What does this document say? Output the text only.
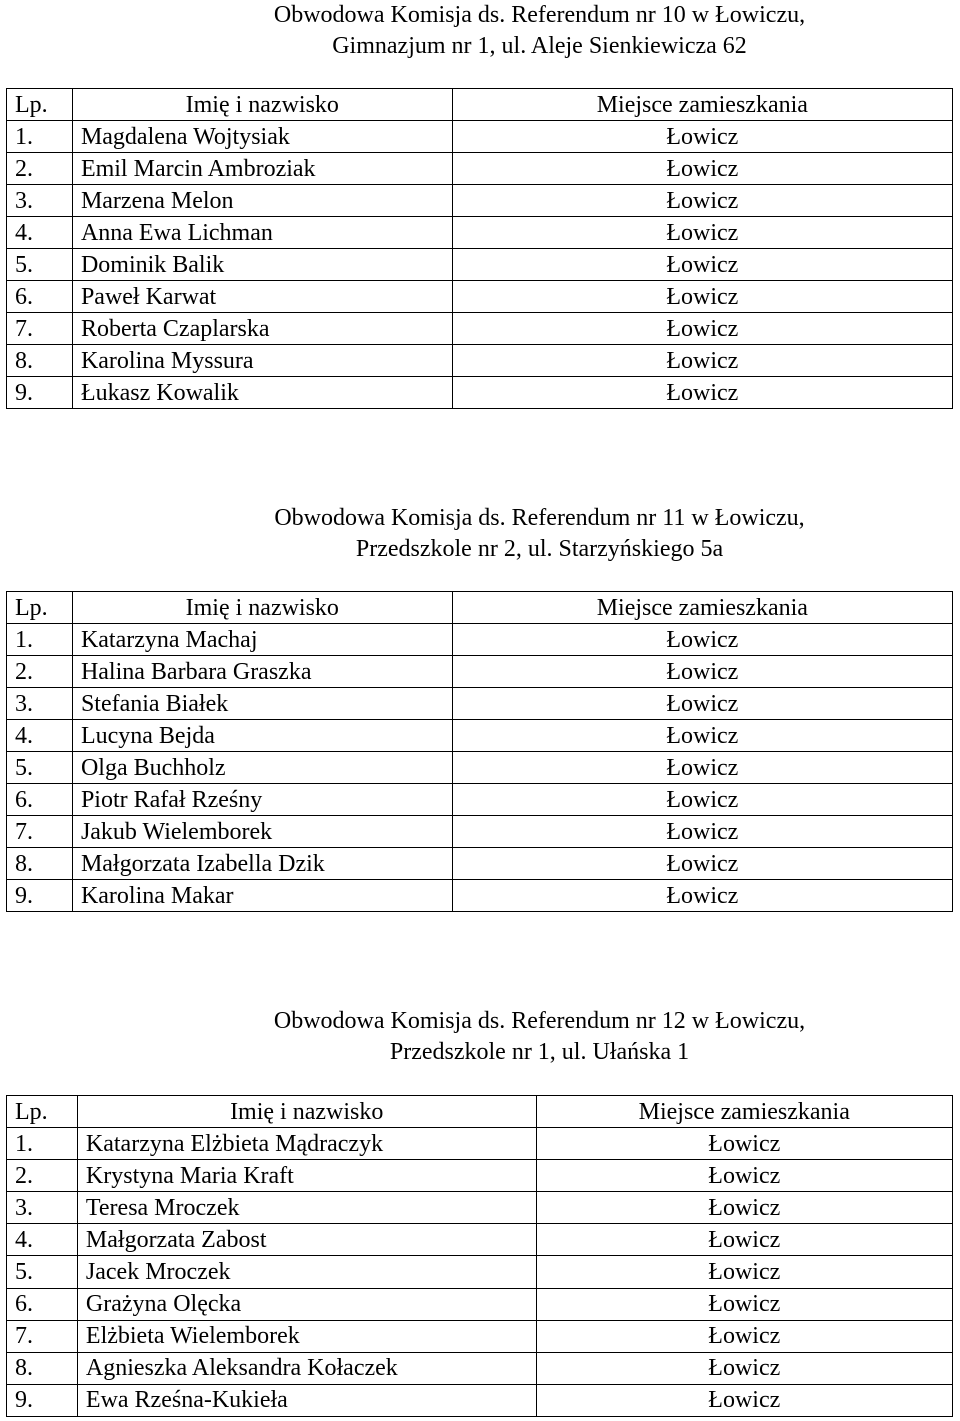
Obwodowa Komisja ds. Referendum nr 10 w Łowiczu,
Gimnazjum nr 1, ul. Aleje Sienkiewicza 62
Lp.	Imię i nazwisko	Miejsce zamieszkania
1.	Magdalena Wojtysiak	Łowicz
2.	Emil Marcin Ambroziak	Łowicz
3.	Marzena Melon	Łowicz
4.	Anna Ewa Lichman	Łowicz
5.	Dominik Balik	Łowicz
6.	Paweł Karwat	Łowicz
7.	Roberta Czaplarska	Łowicz
8.	Karolina Myssura	Łowicz
9.	Łukasz Kowalik	Łowicz
Obwodowa Komisja ds. Referendum nr 11 w Łowiczu,
Przedszkole nr 2, ul. Starzyńskiego 5a
Lp.	Imię i nazwisko	Miejsce zamieszkania
1.	Katarzyna Machaj	Łowicz
2.	Halina Barbara Graszka	Łowicz
3.	Stefania Białek	Łowicz
4.	Lucyna Bejda	Łowicz
5.	Olga Buchholz	Łowicz
6.	Piotr Rafał Rześny	Łowicz
7.	Jakub Wielemborek	Łowicz
8.	Małgorzata Izabella Dzik	Łowicz
9.	Karolina Makar	Łowicz
Obwodowa Komisja ds. Referendum nr 12 w Łowiczu,
Przedszkole nr 1, ul. Ułańska 1
Lp.	Imię i nazwisko	Miejsce zamieszkania
1.	Katarzyna Elżbieta Mądraczyk	Łowicz
2.	Krystyna Maria Kraft	Łowicz
3.	Teresa Mroczek	Łowicz
4.	Małgorzata Zabost	Łowicz
5.	Jacek Mroczek	Łowicz
6.	Grażyna Olęcka	Łowicz
7.	Elżbieta Wielemborek	Łowicz
8.	Agnieszka Aleksandra Kołaczek	Łowicz
9.	Ewa Rześna-Kukieła	Łowicz
